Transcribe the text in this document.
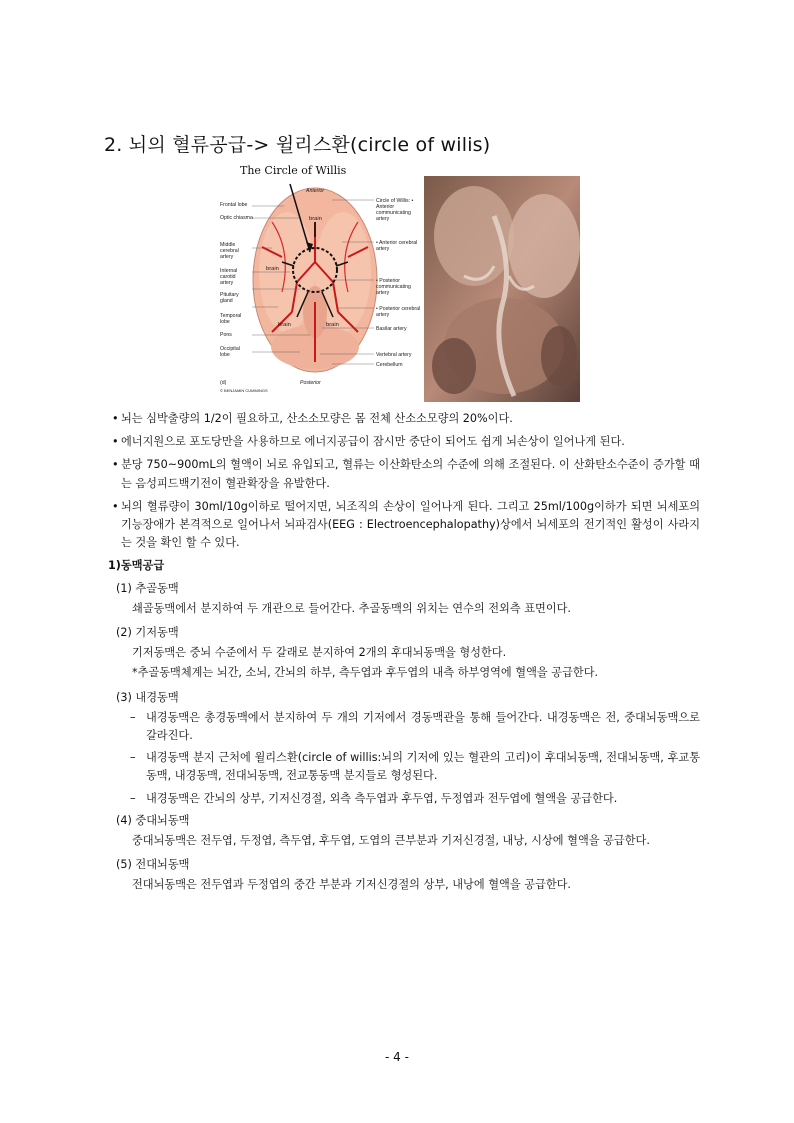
2. 뇌의 혈류공급-> 윌리스환(circle of wilis)
The Circle of Willis
Frontal lobe
Optic chiasma
Middle cerebral artery
Internal carotid artery
Pituitary gland
Temporal lobe
Pons
Occipital lobe
Anterior
Posterior
brain
brain
brain	brain
Circle of Willis: • Anterior communicating artery
• Anterior cerebral artery
• Posterior communicating artery
• Posterior cerebral artery
Basilar artery
Vertebral artery
Cerebellum
(d)
© BENJAMIN CUMMINGS
• 뇌는 심박출량의 1/2이 필요하고, 산소소모량은 몸 전체 산소소모량의 20%이다.
• 에너지원으로 포도당만을 사용하므로 에너지공급이 잠시만 중단이 되어도 쉽게 뇌손상이 일어나게 된다.
• 분당 750~900mL의 혈액이 뇌로 유입되고, 혈류는 이산화탄소의 수준에 의해 조절된다. 이 산화탄소수준이 증가할 때는 음성피드백기전이 혈관확장을 유발한다.
• 뇌의 혈류량이 30ml/10g이하로 떨어지면, 뇌조직의 손상이 일어나게 된다. 그리고 25ml/100g이하가 되면 뇌세포의 기능장애가 본격적으로 일어나서 뇌파검사(EEG : Electroencephalopathy)상에서 뇌세포의 전기적인 활성이 사라지는 것을 확인 할 수 있다.
1)동맥공급
(1) 추골동맥
쇄골동맥에서 분지하여 두 개관으로 들어간다. 추골동맥의 위치는 연수의 전외측 표면이다.
(2) 기저동맥
기저동맥은 중뇌 수준에서 두 갈래로 분지하여 2개의 후대뇌동맥을 형성한다.
*추골동맥체계는 뇌간, 소뇌, 간뇌의 하부, 측두엽과 후두엽의 내측 하부영역에 혈액을 공급한다.
(3) 내경동맥
– 내경동맥은 총경동맥에서 분지하여 두 개의 기저에서 경동맥관을 통해 들어간다. 내경동맥은 전, 중대뇌동맥으로 갈라진다.
– 내경동맥 분지 근처에 윌리스환(circle of willis:뇌의 기저에 있는 혈관의 고리)이 후대뇌동맥, 전대뇌동맥, 후교통동맥, 내경동맥, 전대뇌동맥, 전교통동맥 분지들로 형성된다.
– 내경동맥은 간뇌의 상부, 기저신경절, 외측 측두엽과 후두엽, 두정엽과 전두엽에 혈액을 공급한다.
(4) 중대뇌동맥
중대뇌동맥은 전두엽, 두정엽, 측두엽, 후두엽, 도엽의 큰부분과 기저신경절, 내낭, 시상에 혈액을 공급한다.
(5) 전대뇌동맥
전대뇌동맥은 전두엽과 두정엽의 중간 부분과 기저신경절의 상부, 내낭에 혈액을 공급한다.
- 4 -
